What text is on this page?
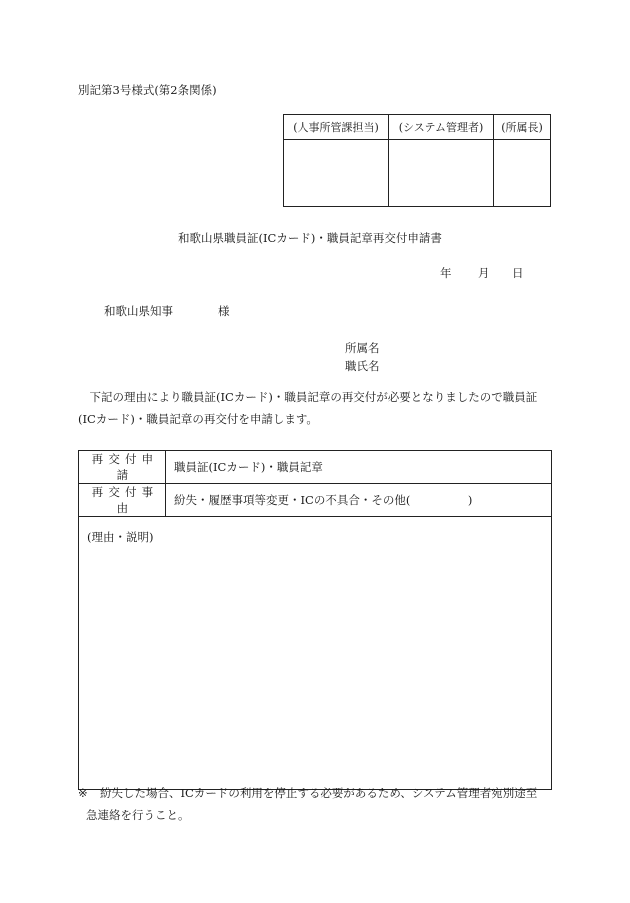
別記第3号様式(第2条関係)
(人事所管課担当)	(システム管理者)	(所属長)

和歌山県職員証(ICカード)・職員記章再交付申請書
年 月 日
和歌山県知事	様
所属名
職氏名
下記の理由により職員証(ICカード)・職員記章の再交付が必要となりましたので職員証(ICカード)・職員記章の再交付を申請します。
再交付申請	職員証(ICカード)・職員記章
再交付事由	紛失・履歴事項等変更・ICの不具合・その他(　　　　　)
(理由・説明)	
※ 紛失した場合、ICカードの利用を停止する必要があるため、システム管理者宛別途至
急連絡を行うこと。
